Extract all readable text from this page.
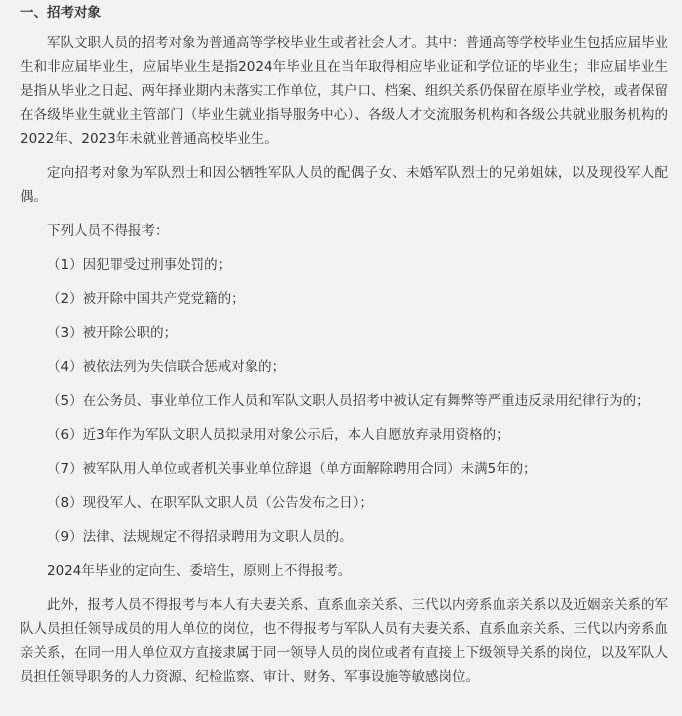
一、招考对象

军队文职人员的招考对象为普通高等学校毕业生或者社会人才。其中：普通高等学校毕业生包括应届毕业生和非应届毕业生，应届毕业生是指2024年毕业且在当年取得相应毕业证和学位证的毕业生；非应届毕业生是指从毕业之日起、两年择业期内未落实工作单位，其户口、档案、组织关系仍保留在原毕业学校，或者保留在各级毕业生就业主管部门（毕业生就业指导服务中心）、各级人才交流服务机构和各级公共就业服务机构的2022年、2023年未就业普通高校毕业生。

定向招考对象为军队烈士和因公牺牲军队人员的配偶子女、未婚军队烈士的兄弟姐妹，以及现役军人配偶。

下列人员不得报考：

（1）因犯罪受过刑事处罚的；

（2）被开除中国共产党党籍的；

（3）被开除公职的；

（4）被依法列为失信联合惩戒对象的；

（5）在公务员、事业单位工作人员和军队文职人员招考中被认定有舞弊等严重违反录用纪律行为的；

（6）近3年作为军队文职人员拟录用对象公示后，本人自愿放弃录用资格的；

（7）被军队用人单位或者机关事业单位辞退（单方面解除聘用合同）未满5年的；

（8）现役军人、在职军队文职人员（公告发布之日）；

（9）法律、法规规定不得招录聘用为文职人员的。

2024年毕业的定向生、委培生，原则上不得报考。

此外，报考人员不得报考与本人有夫妻关系、直系血亲关系、三代以内旁系血亲关系以及近姻亲关系的军队人员担任领导成员的用人单位的岗位，也不得报考与军队人员有夫妻关系、直系血亲关系、三代以内旁系血亲关系，在同一用人单位双方直接隶属于同一领导人员的岗位或者有直接上下级领导关系的岗位，以及军队人员担任领导职务的人力资源、纪检监察、审计、财务、军事设施等敏感岗位。
